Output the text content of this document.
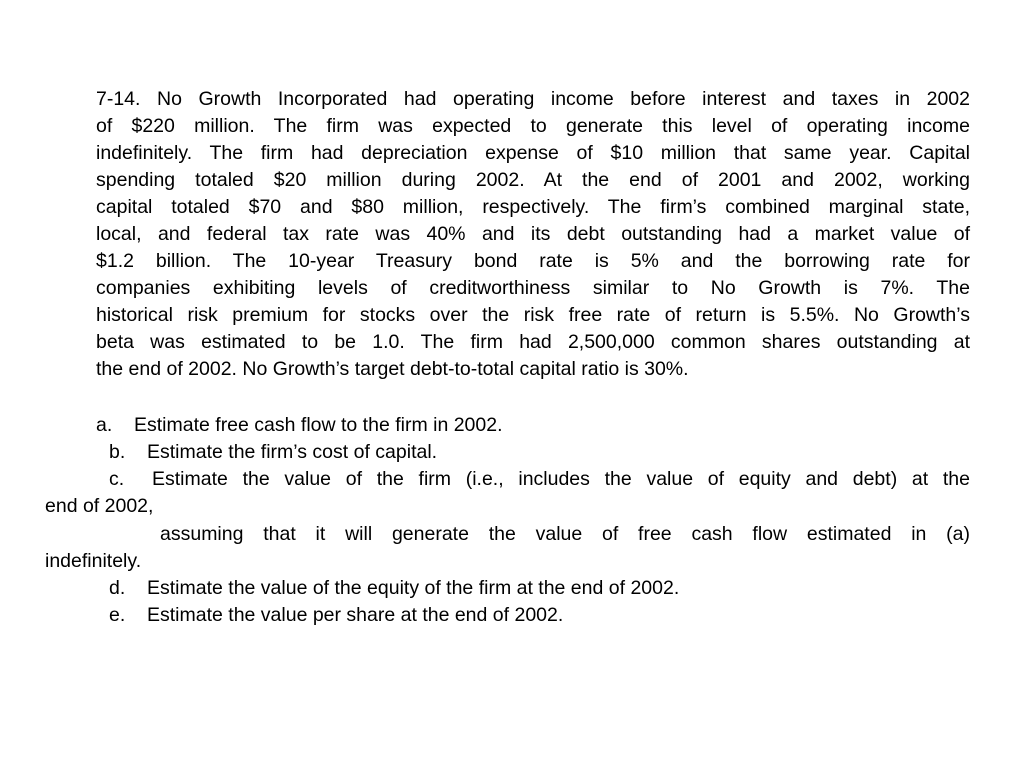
7-14. No Growth Incorporated had operating income before interest and taxes in 2002
of $220 million. The firm was expected to generate this level of operating income
indefinitely. The firm had depreciation expense of $10 million that same year. Capital
spending totaled $20 million during 2002. At the end of 2001 and 2002, working
capital totaled $70 and $80 million, respectively. The firm’s combined marginal state,
local, and federal tax rate was 40% and its debt outstanding had a market value of
$1.2 billion. The 10-year Treasury bond rate is 5% and the borrowing rate for
companies exhibiting levels of creditworthiness similar to No Growth is 7%. The
historical risk premium for stocks over the risk free rate of return is 5.5%. No Growth’s
beta was estimated to be 1.0. The firm had 2,500,000 common shares outstanding at
the end of 2002. No Growth’s target debt-to-total capital ratio is 30%.
a. Estimate free cash flow to the firm in 2002.
b. Estimate the firm’s cost of capital.
c. Estimate the value of the firm (i.e., includes the value of equity and debt) at the
end of 2002,
assuming that it will generate the value of free cash flow estimated in (a)
indefinitely.
d. Estimate the value of the equity of the firm at the end of 2002.
e. Estimate the value per share at the end of 2002.
